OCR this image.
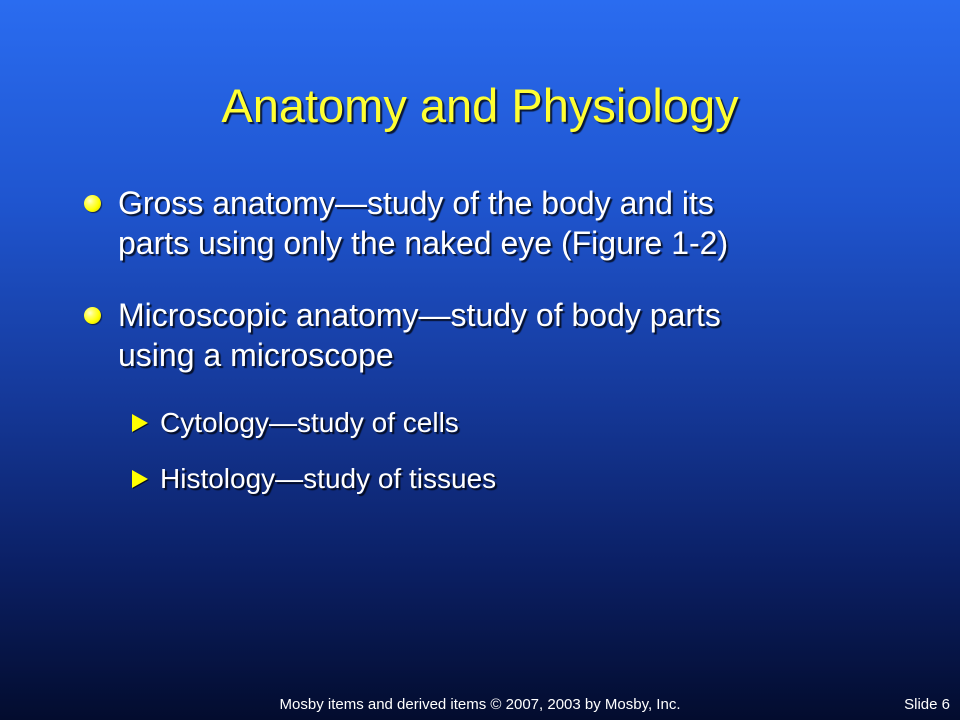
Anatomy and Physiology
Gross anatomy—study of the body and its
parts using only the naked eye (Figure 1-2)
Microscopic anatomy—study of body parts
using a microscope
Cytology—study of cells
Histology—study of tissues
Mosby items and derived items © 2007, 2003 by Mosby, Inc.	Slide 6
